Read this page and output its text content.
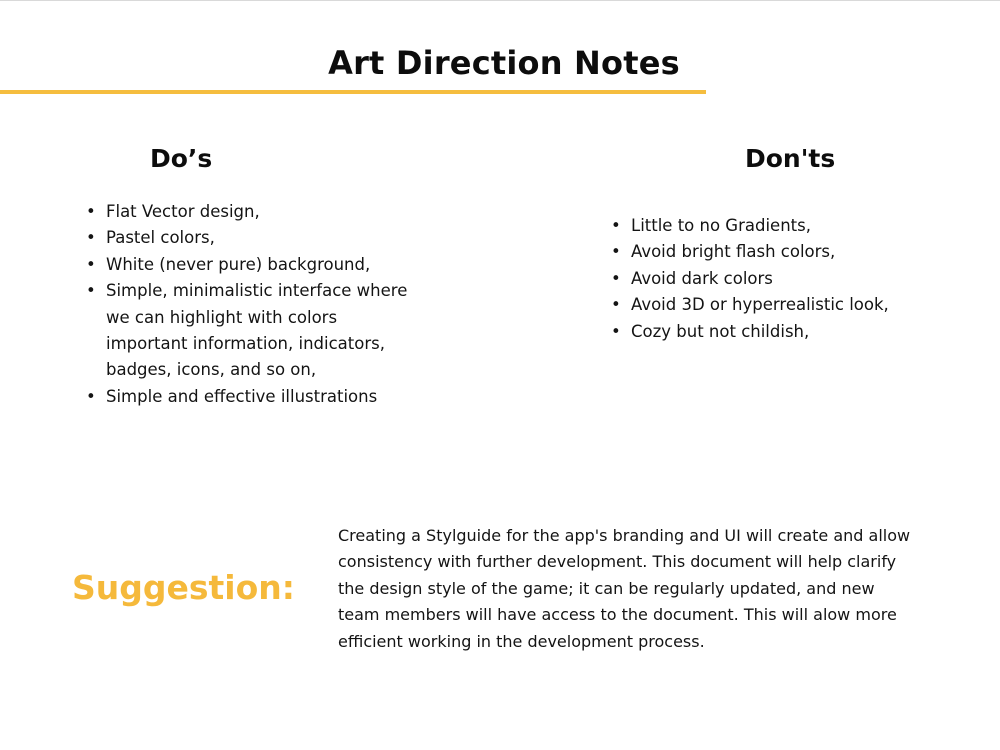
Art Direction Notes
Do’s
• Flat Vector design,
• Pastel colors,
• White (never pure) background,
• Simple, minimalistic interface where we can highlight with colors important information, indicators, badges, icons, and so on,
• Simple and effective illustrations
Don'ts
• Little to no Gradients,
• Avoid bright flash colors,
• Avoid dark colors
• Avoid 3D or hyperrealistic look,
• Cozy but not childish,
Suggestion:

Creating a Stylguide for the app's branding and UI will create and allow consistency with further development. This document will help clarify the design style of the game; it can be regularly updated, and new team members will have access to the document. This will alow more efficient working in the development process.
